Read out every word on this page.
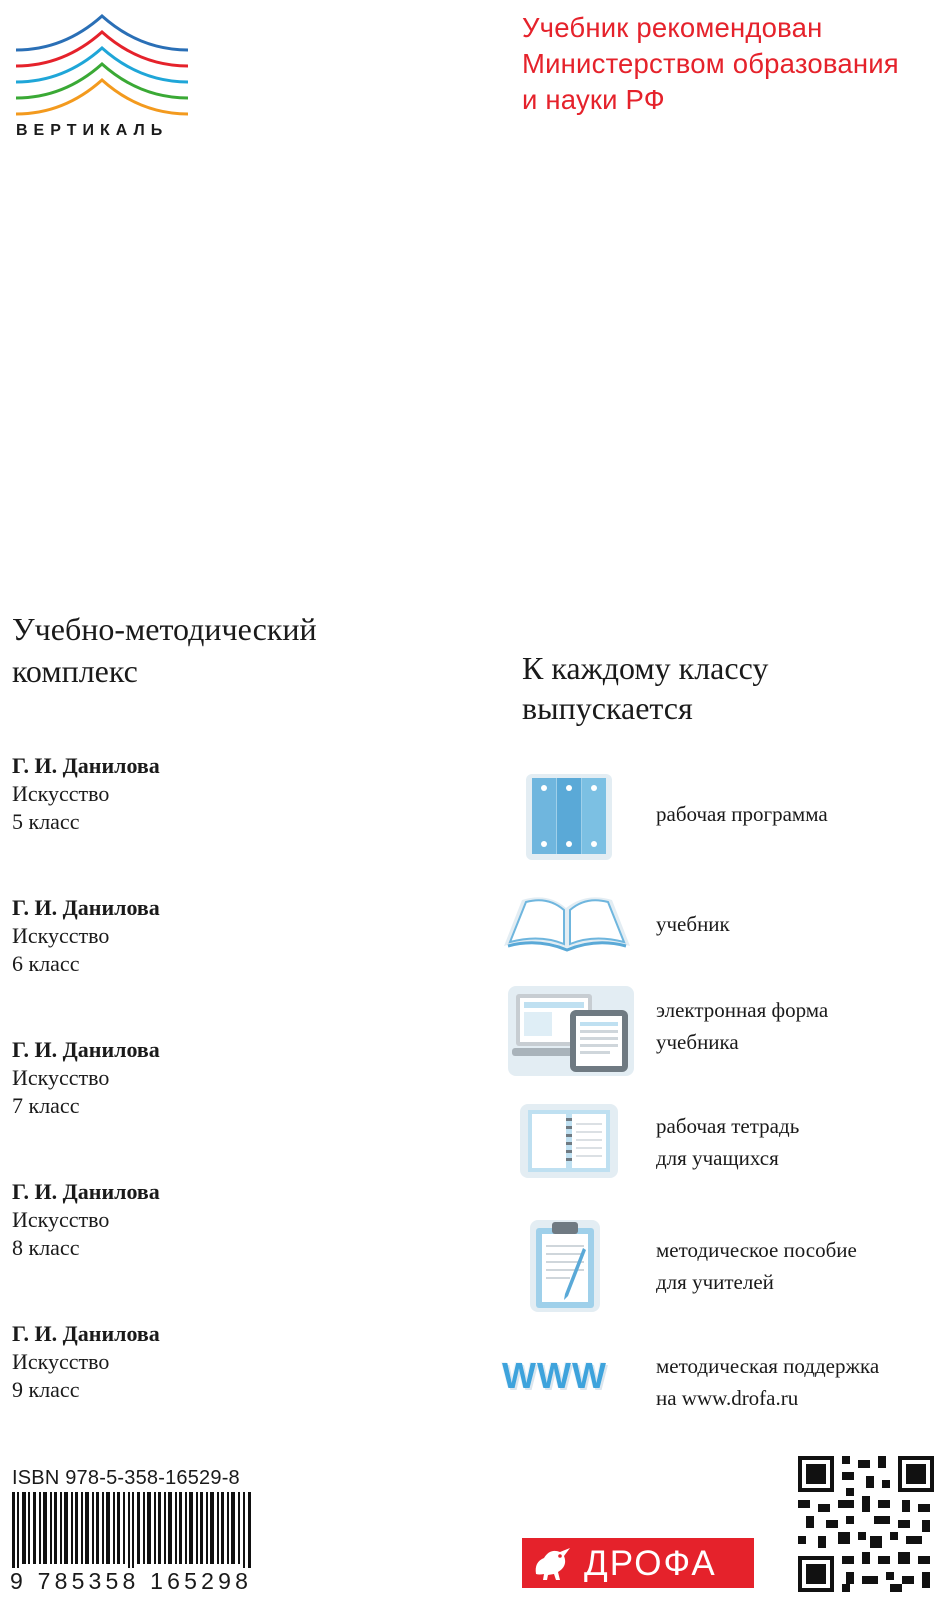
ВЕРТИКАЛЬ
Учебник рекомендован
Министерством образования
и науки РФ
Учебно-методический
комплекс
Г. И. Данилова
Искусство
5 класс
Г. И. Данилова
Искусство
6 класс
Г. И. Данилова
Искусство
7 класс
Г. И. Данилова
Искусство
8 класс
Г. И. Данилова
Искусство
9 класс
К каждому классу
выпускается
рабочая программа
учебник
электронная форма
учебника
рабочая тетрадь
для учащихся
методическое пособие
для учителей
WWW	методическая поддержка
на www.drofa.ru
ISBN 978-5-358-16529-8
9 785358 165298	ДРОФА
